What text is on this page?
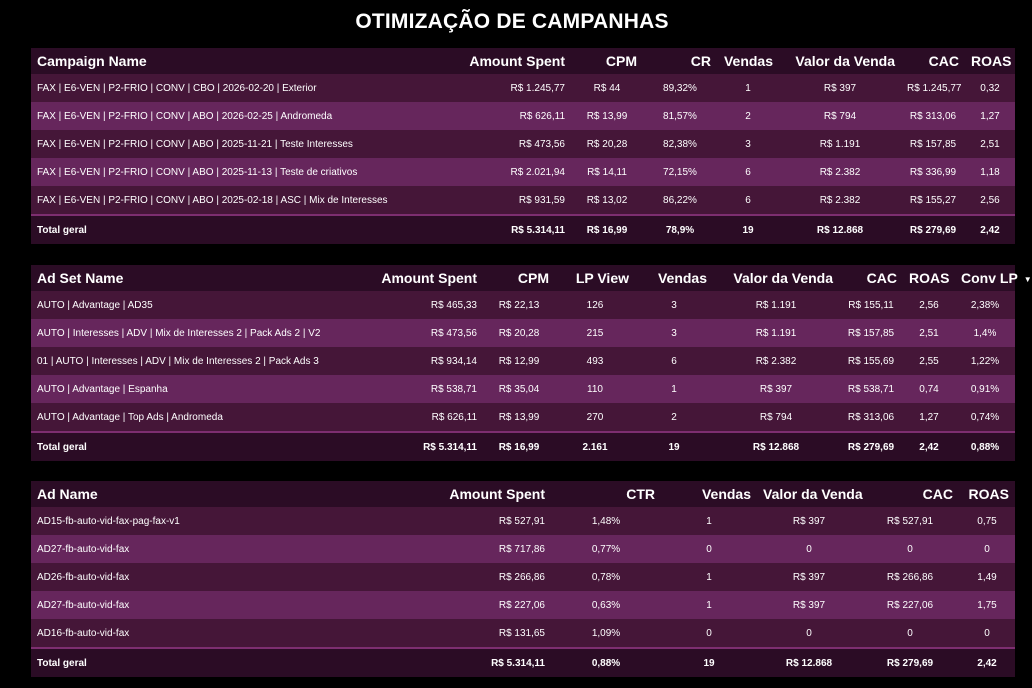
OTIMIZAÇÃO DE CAMPANHAS
Campaign Name	Amount Spent	CPM	CR	Vendas	Valor da Venda	CAC	ROAS
FAX | E6-VEN | P2-FRIO | CONV | CBO | 2026-02-20 | Exterior	R$ 1.245,77	R$ 44	89,32%	1	R$ 397	R$ 1.245,77	0,32
FAX | E6-VEN | P2-FRIO | CONV | ABO | 2026-02-25 | Andromeda	R$ 626,11	R$ 13,99	81,57%	2	R$ 794	R$ 313,06	1,27
FAX | E6-VEN | P2-FRIO | CONV | ABO | 2025-11-21 | Teste Interesses	R$ 473,56	R$ 20,28	82,38%	3	R$ 1.191	R$ 157,85	2,51
FAX | E6-VEN | P2-FRIO | CONV | ABO | 2025-11-13 | Teste de criativos	R$ 2.021,94	R$ 14,11	72,15%	6	R$ 2.382	R$ 336,99	1,18
FAX | E6-VEN | P2-FRIO | CONV | ABO | 2025-02-18 | ASC | Mix de Interesses	R$ 931,59	R$ 13,02	86,22%	6	R$ 2.382	R$ 155,27	2,56
Total geral	R$ 5.314,11	R$ 16,99	78,9%	19	R$ 12.868	R$ 279,69	2,42
Ad Set Name	Amount Spent	CPM	LP View	Vendas	Valor da Venda	CAC	ROAS	Conv LP ▼
AUTO | Advantage | AD35	R$ 465,33	R$ 22,13	126	3	R$ 1.191	R$ 155,11	2,56	2,38%
AUTO | Interesses | ADV | Mix de Interesses 2 | Pack Ads 2 | V2	R$ 473,56	R$ 20,28	215	3	R$ 1.191	R$ 157,85	2,51	1,4%
01 | AUTO | Interesses | ADV | Mix de Interesses 2 | Pack Ads 3	R$ 934,14	R$ 12,99	493	6	R$ 2.382	R$ 155,69	2,55	1,22%
AUTO | Advantage | Espanha	R$ 538,71	R$ 35,04	110	1	R$ 397	R$ 538,71	0,74	0,91%
AUTO | Advantage | Top Ads | Andromeda	R$ 626,11	R$ 13,99	270	2	R$ 794	R$ 313,06	1,27	0,74%
Total geral	R$ 5.314,11	R$ 16,99	2.161	19	R$ 12.868	R$ 279,69	2,42	0,88%
Ad Name	Amount Spent	CTR	Vendas	Valor da Venda	CAC	ROAS
AD15-fb-auto-vid-fax-pag-fax-v1	R$ 527,91	1,48%	1	R$ 397	R$ 527,91	0,75
AD27-fb-auto-vid-fax	R$ 717,86	0,77%	0	0	0	0
AD26-fb-auto-vid-fax	R$ 266,86	0,78%	1	R$ 397	R$ 266,86	1,49
AD27-fb-auto-vid-fax	R$ 227,06	0,63%	1	R$ 397	R$ 227,06	1,75
AD16-fb-auto-vid-fax	R$ 131,65	1,09%	0	0	0	0
Total geral	R$ 5.314,11	0,88%	19	R$ 12.868	R$ 279,69	2,42
